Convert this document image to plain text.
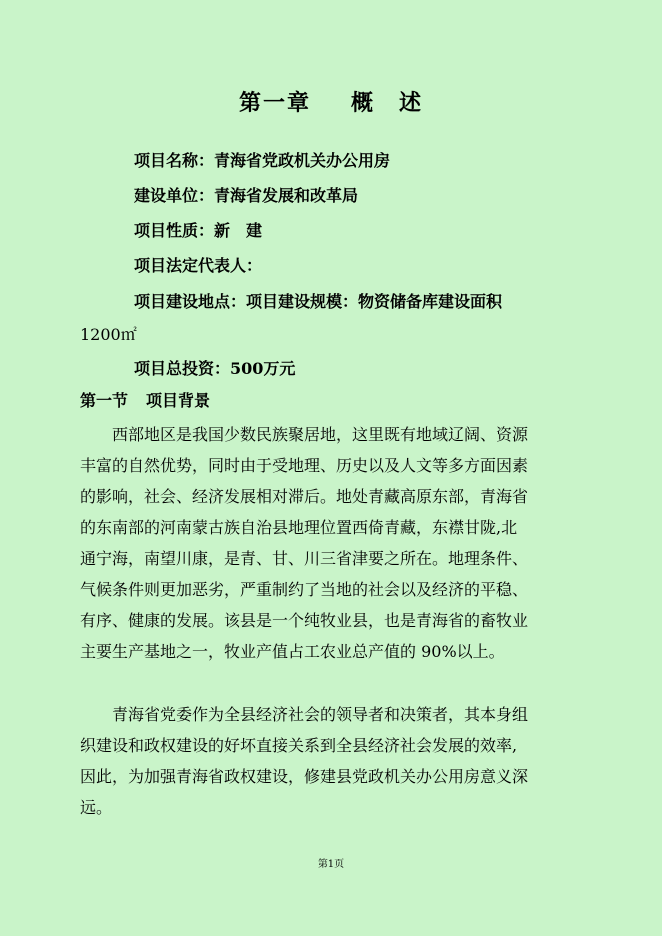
第一章 概　述
项目名称：青海省党政机关办公用房
建设单位：青海省发展和改革局
项目性质：新　建
项目法定代表人：
项目建设地点：项目建设规模：物资储备库建设面积
1200㎡
项目总投资：500万元
第一节 项目背景
　　西部地区是我国少数民族聚居地，这里既有地域辽阔、资源
丰富的自然优势，同时由于受地理、历史以及人文等多方面因素
的影响，社会、经济发展相对滞后。地处青藏高原东部，青海省
的东南部的河南蒙古族自治县地理位置西倚青藏，东襟甘陇,北
通宁海，南望川康，是青、甘、川三省津要之所在。地理条件、
气候条件则更加恶劣，严重制约了当地的社会以及经济的平稳、
有序、健康的发展。该县是一个纯牧业县，也是青海省的畜牧业
主要生产基地之一，牧业产值占工农业总产值的 90%以上。
　　青海省党委作为全县经济社会的领导者和决策者，其本身组
织建设和政权建设的好坏直接关系到全县经济社会发展的效率,
因此，为加强青海省政权建设，修建县党政机关办公用房意义深
远。
第1页
